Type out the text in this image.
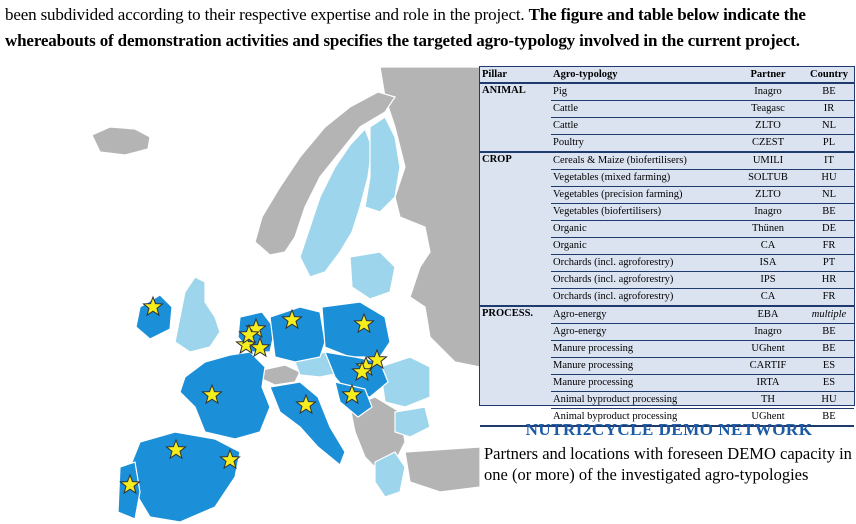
been subdivided according to their respective expertise and role in the project. The figure and table below indicate the whereabouts of demonstration activities and specifies the targeted agro-typology involved in the current project.
Pillar	Agro-typology	Partner	Country
ANIMAL	Pig	Inagro	BE
	Cattle	Teagasc	IR
	Cattle	ZLTO	NL
	Poultry	CZEST	PL
CROP	Cereals & Maize (biofertilisers)	UMILI	IT
	Vegetables (mixed farming)	SOLTUB	HU
	Vegetables (precision farming)	ZLTO	NL
	Vegetables (biofertilisers)	Inagro	BE
	Organic	Thünen	DE
	Organic	CA	FR
	Orchards (incl. agroforestry)	ISA	PT
	Orchards (incl. agroforestry)	IPS	HR
	Orchards (incl. agroforestry)	CA	FR
PROCESS.	Agro-energy	EBA	multiple
	Agro-energy	Inagro	BE
	Manure processing	UGhent	BE
	Manure processing	CARTIF	ES
	Manure processing	IRTA	ES
	Animal byproduct processing	TH	HU
	Animal byproduct processing	UGhent	BE
NUTRI2CYCLE DEMO NETWORK
Partners and locations with foreseen DEMO capacity in one (or more) of the investigated agro-typologies
